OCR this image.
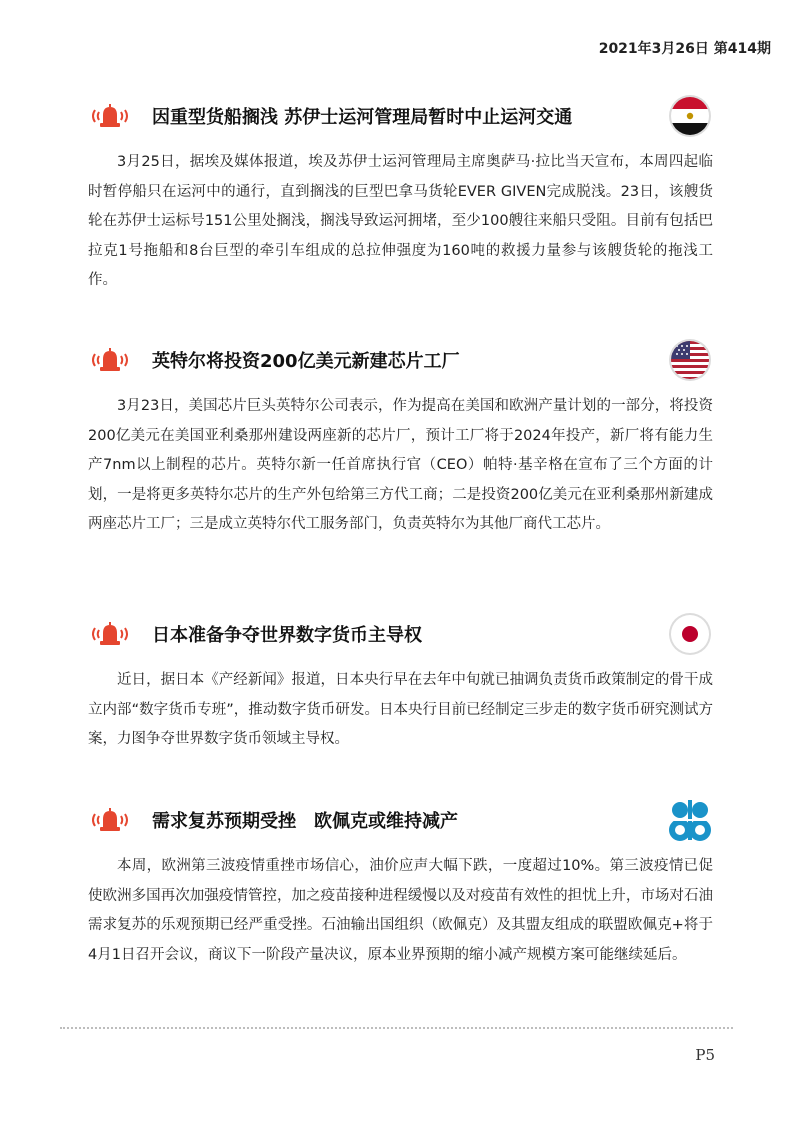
2021年3月26日 第414期
因重型货船搁浅 苏伊士运河管理局暂时中止运河交通

3月25日，据埃及媒体报道，埃及苏伊士运河管理局主席奥萨马·拉比当天宣布，本周四起临时暂停船只在运河中的通行，直到搁浅的巨型巴拿马货轮EVER GIVEN完成脱浅。23日，该艘货轮在苏伊士运标号151公里处搁浅，搁浅导致运河拥堵，至少100艘往来船只受阻。目前有包括巴拉克1号拖船和8台巨型的牵引车组成的总拉伸强度为160吨的救援力量参与该艘货轮的拖浅工作。

英特尔将投资200亿美元新建芯片工厂

3月23日，美国芯片巨头英特尔公司表示，作为提高在美国和欧洲产量计划的一部分，将投资200亿美元在美国亚利桑那州建设两座新的芯片厂，预计工厂将于2024年投产，新厂将有能力生产7nm以上制程的芯片。英特尔新一任首席执行官（CEO）帕特·基辛格在宣布了三个方面的计划，一是将更多英特尔芯片的生产外包给第三方代工商；二是投资200亿美元在亚利桑那州新建成两座芯片工厂；三是成立英特尔代工服务部门，负责英特尔为其他厂商代工芯片。

日本准备争夺世界数字货币主导权

近日，据日本《产经新闻》报道，日本央行早在去年中旬就已抽调负责货币政策制定的骨干成立内部“数字货币专班”，推动数字货币研发。日本央行目前已经制定三步走的数字货币研究测试方案，力图争夺世界数字货币领域主导权。

需求复苏预期受挫　欧佩克或维持减产

本周，欧洲第三波疫情重挫市场信心，油价应声大幅下跌，一度超过10%。第三波疫情已促使欧洲多国再次加强疫情管控，加之疫苗接种进程缓慢以及对疫苗有效性的担忧上升，市场对石油需求复苏的乐观预期已经严重受挫。石油输出国组织（欧佩克）及其盟友组成的联盟欧佩克+将于4月1日召开会议，商议下一阶段产量决议，原本业界预期的缩小减产规模方案可能继续延后。

P5
